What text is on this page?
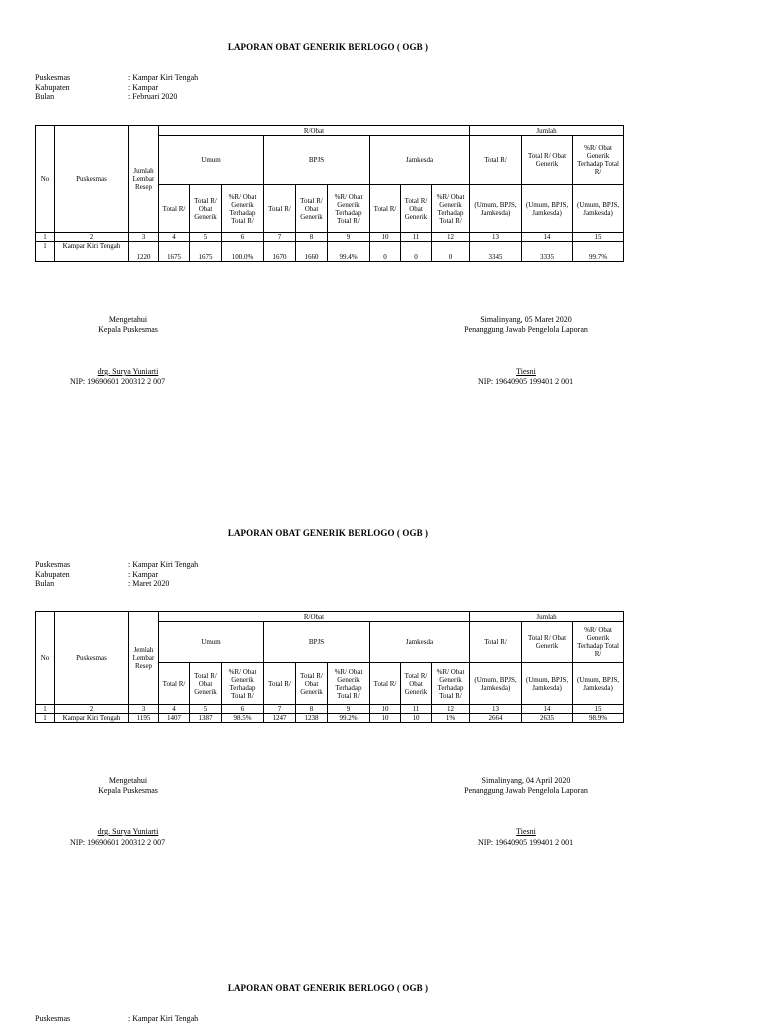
LAPORAN OBAT GENERIK BERLOGO ( OGB )
Puskesmas	: Kampar Kiri Tengah
Kabupaten	: Kampar
Bulan	: Februari 2020
No	Puskesmas	Jumlah Lembar Resep	R/Obat									Jumlah		
			Umum			BPJS			Jamkesda			Total R/	Total R/ Obat Generik	%R/ Obat Generik Terhadap Total R/
			Total R/	Total R/ Obat Generik	%R/ Obat Generik Terhadap Total R/	Total R/	Total R/ Obat Generik	%R/ Obat Generik Terhadap Total R/	Total R/	Total R/ Obat Generik	%R/ Obat Generik Terhadap Total R/	(Umum, BPJS, Jamkesda)	(Umum, BPJS, Jamkesda)	(Umum, BPJS, Jamkesda)
1	2	3	4	5	6	7	8	9	10	11	12	13	14	15
1	Kampar Kiri Tengah	1220	1675	1675	100.0%	1670	1660	99.4%	0	0	0	3345	3335	99.7%
Mengetahui
Kepala Puskesmas
drg. Surya Yuniarti
NIP: 19690601 200312 2 007
Simalinyang, 05 Maret 2020
Penanggung Jawab Pengelola Laporan
Tiesni
NIP: 19640905 199401 2 001
LAPORAN OBAT GENERIK BERLOGO ( OGB )
Puskesmas	: Kampar Kiri Tengah
Kabupaten	: Kampar
Bulan	: Maret 2020
No	Puskesmas	Jemlah Lembar Resep	R/Obat									Jumlah		
			Umum			BPJS			Jamkesda			Total R/	Total R/ Obat Generik	%R/ Obat Generik Terhadap Total R/
			Total R/	Total R/ Obat Generik	%R/ Obat Generik Terhadap Total R/	Total R/	Total R/ Obat Generik	%R/ Obat Generik Terhadap Total R/	Total R/	Total R/ Obat Generik	%R/ Obat Generik Terhadap Total R/	(Umum, BPJS, Jamkesda)	(Umum, BPJS, Jamkesda)	(Umum, BPJS, Jamkesda)
1	2	3	4	5	6	7	8	9	10	11	12	13	14	15
1	Kampar Kiri Tengah	1195	1407	1387	98.5%	1247	1238	99.2%	10	10	1%	2664	2635	98.9%
Mengetahui
Kepala Puskesmas
drg. Surya Yuniarti
NIP: 19690601 200312 2 007
Simalinyang, 04 April 2020
Penanggung Jawab Pengelola Laporan
Tiesni
NIP: 19640905 199401 2 001
LAPORAN OBAT GENERIK BERLOGO ( OGB )
Puskesmas	: Kampar Kiri Tengah
